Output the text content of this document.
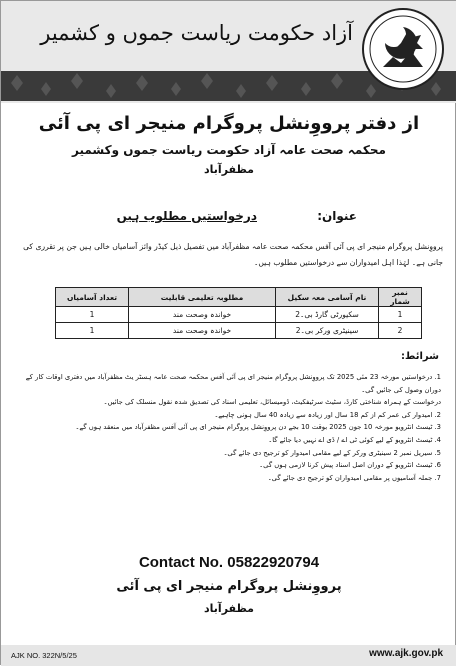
آزاد حکومت ریاست جموں و کشمیر
از دفتر پرووِنشل پروگرام منیجر ای پی آئی
محکمہ صحت عامہ آزاد حکومت ریاست جموں وکشمیر
مظفرآباد
عنوان:
درخواستیں مطلوب ہیں
پرووِنشل پروگرام منیجر ای پی آئی آفس محکمہ صحت عامہ مظفرآباد میں تفصیل ذیل کیڈر وائز آسامیاں خالی ہیں جن پر تقرری کی جانی ہے۔ لہٰذا اہل امیدواران سے درخواستیں مطلوب ہیں۔
نمبر شمار	نام آسامی معہ سکیل	مطلوبہ تعلیمی قابلیت	تعداد آسامیاں
1	سکیورٹی گارڈ بی۔2	خواندہ وصحت مند	1
2	سینیٹری ورکر بی۔2	خواندہ وصحت مند	1
شرائط:
1. درخواستیں مورخہ 23 مئی 2025 تک پرووِنشل پروگرام منیجر ای پی آئی آفس محکمہ صحت عامہ ہسٹر یٹ مظفرآباد میں دفتری اوقات کار کے دوران وصول کی جائیں گی۔
درخواست کے ہمراہ شناختی کارڈ، سٹیٹ سرٹیفکیٹ، ڈومیسائل، تعلیمی اسناد کی تصدیق شدہ نقول منسلک کی جائیں۔
2. امیدوار کی عمر کم از کم 18 سال اور زیادہ سے زیادہ 40 سال ہونی چاہیے۔
3. ٹیسٹ انٹرویو مورخہ 10 جون 2025 بوقت 10 بجے دن پرووِنشل پروگرام منیجر ای پی آئی آفس مظفرآباد میں منعقد ہوں گے۔
4. ٹیسٹ انٹرویو کے لیے کوئی ٹی اے / ڈی اے نہیں دیا جائے گا۔
5. سیریل نمبر 2 سینیٹری ورکر کے لیے مقامی امیدوار کو ترجیح دی جائے گی۔
6. ٹیسٹ انٹرویو کے دوران اصل اسناد پیش کرنا لازمی ہوں گی۔
7. جملہ آسامیوں پر مقامی امیدواران کو ترجیح دی جائے گی۔
Contact No. 05822920794
پرووِنشل پروگرام منیجر ای پی آئی
مظفرآباد
AJK NO. 322N/5/25	www.ajk.gov.pk
